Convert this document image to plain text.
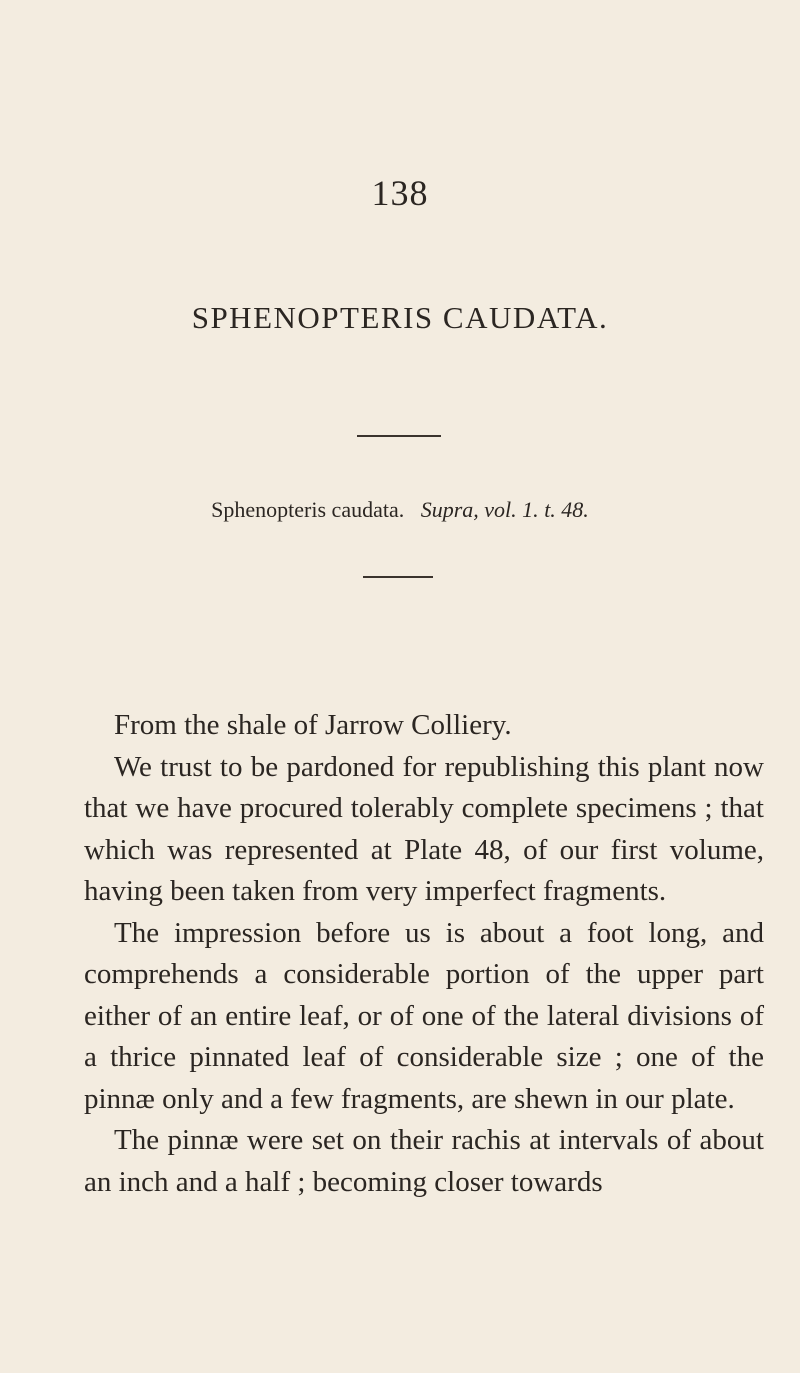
138
SPHENOPTERIS CAUDATA.
Sphenopteris caudata. Supra, vol. 1. t. 48.

From the shale of Jarrow Colliery.

We trust to be pardoned for republishing this plant now that we have procured tolerably complete specimens ; that which was represented at Plate 48, of our first volume, having been taken from very imperfect fragments.

The impression before us is about a foot long, and comprehends a considerable portion of the upper part either of an entire leaf, or of one of the lateral divisions of a thrice pinnated leaf of considerable size ; one of the pinnæ only and a few fragments, are shewn in our plate.

The pinnæ were set on their rachis at intervals of about an inch and a half ; becoming closer towards
